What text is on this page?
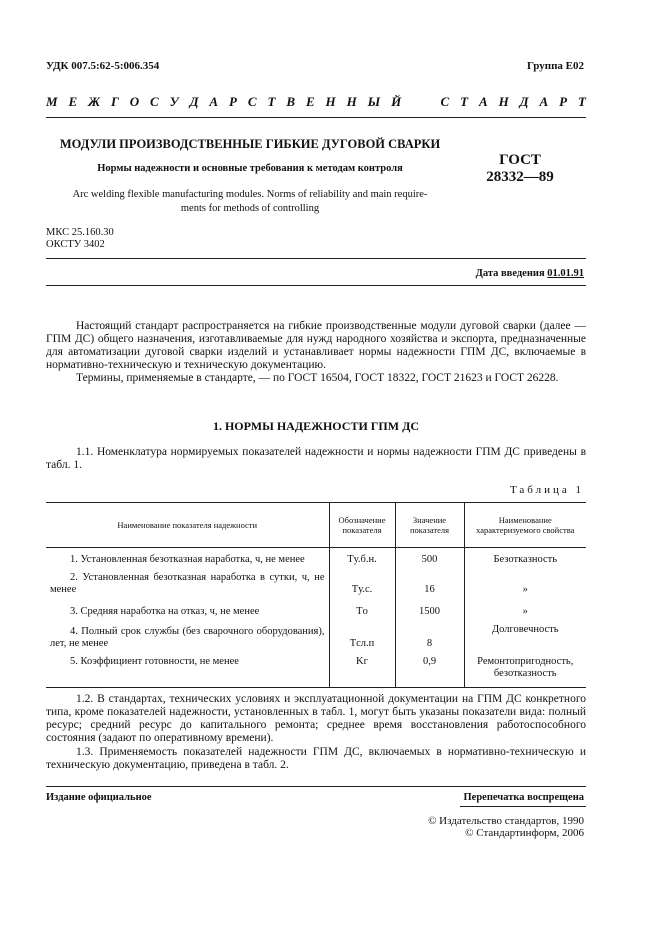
УДК 007.5:62-5:006.354	Группа Е02
М Е Ж Г О С У Д А Р С Т В Е Н Н Ы Й

	С Т А Н Д А Р Т
МОДУЛИ ПРОИЗВОДСТВЕННЫЕ ГИБКИЕ ДУГОВОЙ СВАРКИ
Нормы надежности и основные требования к методам контроля
Arc welding flexible manufacturing modules. Norms of reliability and main require-
ments for methods of controlling
ГОСТ
28332—89
МКС 25.160.30
ОКСТУ 3402
Дата введения 01.01.91
Настоящий стандарт распространяется на гибкие производственные модули дуговой сварки (далее — ГПМ ДС) общего назначения, изготавливаемые для нужд народного хозяйства и экспорта, предназначенные для автоматизации дуговой сварки изделий и устанавливает нормы надежности ГПМ ДС, включаемые в нормативно-техническую и техническую документацию.
Термины, применяемые в стандарте, — по ГОСТ 16504, ГОСТ 18322, ГОСТ 21623 и ГОСТ 26228.
1. НОРМЫ НАДЕЖНОСТИ ГПМ ДС
1.1. Номенклатура нормируемых показателей надежности и нормы надежности ГПМ ДС приведены в табл. 1.
Таблица 1
Наименование показателя надежности	Обозначение показателя	Значение показателя	Наименование характеризуемого свойства
1. Установленная безотказная наработка, ч, не менее	Tу.б.н.	500	Безотказность
2. Установленная безотказная наработка в сутки, ч, не менее	Tу.с.	16	»
3. Средняя наработка на отказ, ч, не менее	Tо	1500	»
4. Полный срок службы (без сварочного оборудования), лет, не менее	Tсл.п	8	Долговечность
5. Коэффициент готовности, не менее	Kг	0,9	Ремонтопригодность, безотказность
1.2. В стандартах, технических условиях и эксплуатационной документации на ГПМ ДС конкретного типа, кроме показателей надежности, установленных в табл. 1, могут быть указаны показатели вида: полный ресурс; средний ресурс до капитального ремонта; среднее время восстановления работоспособного состояния (задают по оперативному времени).
1.3. Применяемость показателей надежности ГПМ ДС, включаемых в нормативно-техническую и техническую документацию, приведена в табл. 2.
Издание официальное	Перепечатка воспрещена
© Издательство стандартов, 1990
© Стандартинформ, 2006
